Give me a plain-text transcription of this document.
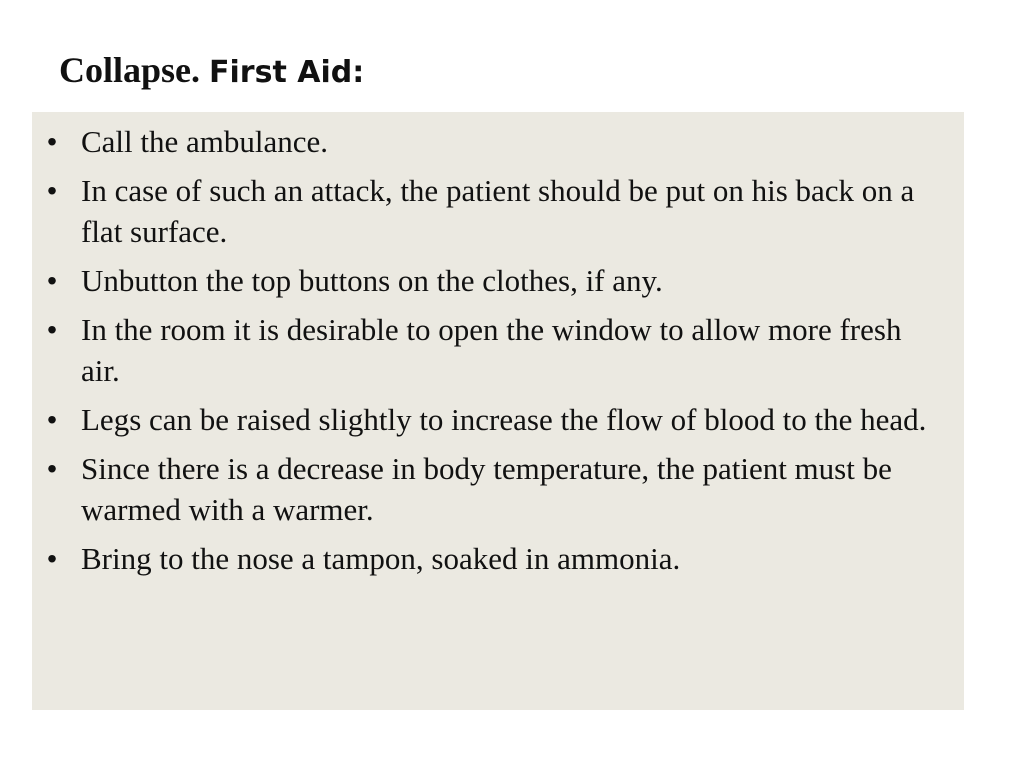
Collapse. First Aid:
• Call the ambulance.
• In case of such an attack, the patient should be put on his back on a flat surface.
• Unbutton the top buttons on the clothes, if any.
• In the room it is desirable to open the window to allow more fresh air.
• Legs can be raised slightly to increase the flow of blood to the head.
• Since there is a decrease in body temperature, the patient must be warmed with a warmer.
• Bring to the nose a tampon, soaked in ammonia.
